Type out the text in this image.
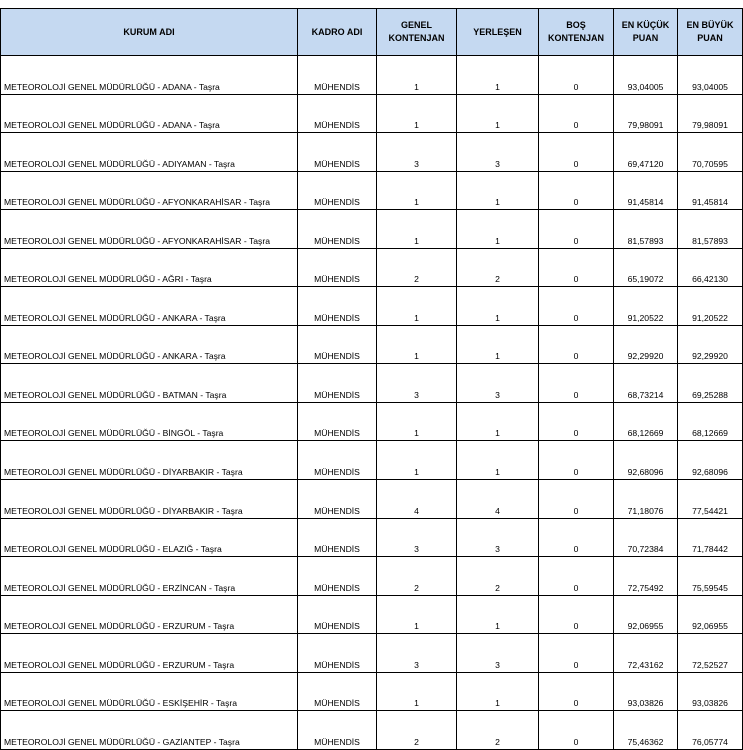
KURUM ADI	KADRO ADI	GENEL KONTENJAN	YERLEŞEN	BOŞ KONTENJAN	EN KÜÇÜK PUAN	EN BÜYÜK PUAN
METEOROLOJİ GENEL MÜDÜRLÜĞÜ - ADANA - Taşra	MÜHENDİS	1	1	0	93,04005	93,04005
METEOROLOJİ GENEL MÜDÜRLÜĞÜ - ADANA - Taşra	MÜHENDİS	1	1	0	79,98091	79,98091
METEOROLOJİ GENEL MÜDÜRLÜĞÜ - ADIYAMAN - Taşra	MÜHENDİS	3	3	0	69,47120	70,70595
METEOROLOJİ GENEL MÜDÜRLÜĞÜ - AFYONKARAHİSAR - Taşra	MÜHENDİS	1	1	0	91,45814	91,45814
METEOROLOJİ GENEL MÜDÜRLÜĞÜ - AFYONKARAHİSAR - Taşra	MÜHENDİS	1	1	0	81,57893	81,57893
METEOROLOJİ GENEL MÜDÜRLÜĞÜ - AĞRI - Taşra	MÜHENDİS	2	2	0	65,19072	66,42130
METEOROLOJİ GENEL MÜDÜRLÜĞÜ - ANKARA - Taşra	MÜHENDİS	1	1	0	91,20522	91,20522
METEOROLOJİ GENEL MÜDÜRLÜĞÜ - ANKARA - Taşra	MÜHENDİS	1	1	0	92,29920	92,29920
METEOROLOJİ GENEL MÜDÜRLÜĞÜ - BATMAN - Taşra	MÜHENDİS	3	3	0	68,73214	69,25288
METEOROLOJİ GENEL MÜDÜRLÜĞÜ - BİNGÖL - Taşra	MÜHENDİS	1	1	0	68,12669	68,12669
METEOROLOJİ GENEL MÜDÜRLÜĞÜ - DİYARBAKIR - Taşra	MÜHENDİS	1	1	0	92,68096	92,68096
METEOROLOJİ GENEL MÜDÜRLÜĞÜ - DİYARBAKIR - Taşra	MÜHENDİS	4	4	0	71,18076	77,54421
METEOROLOJİ GENEL MÜDÜRLÜĞÜ - ELAZIĞ - Taşra	MÜHENDİS	3	3	0	70,72384	71,78442
METEOROLOJİ GENEL MÜDÜRLÜĞÜ - ERZİNCAN - Taşra	MÜHENDİS	2	2	0	72,75492	75,59545
METEOROLOJİ GENEL MÜDÜRLÜĞÜ - ERZURUM - Taşra	MÜHENDİS	1	1	0	92,06955	92,06955
METEOROLOJİ GENEL MÜDÜRLÜĞÜ - ERZURUM - Taşra	MÜHENDİS	3	3	0	72,43162	72,52527
METEOROLOJİ GENEL MÜDÜRLÜĞÜ - ESKİŞEHİR - Taşra	MÜHENDİS	1	1	0	93,03826	93,03826
METEOROLOJİ GENEL MÜDÜRLÜĞÜ - GAZİANTEP - Taşra	MÜHENDİS	2	2	0	75,46362	76,05774
